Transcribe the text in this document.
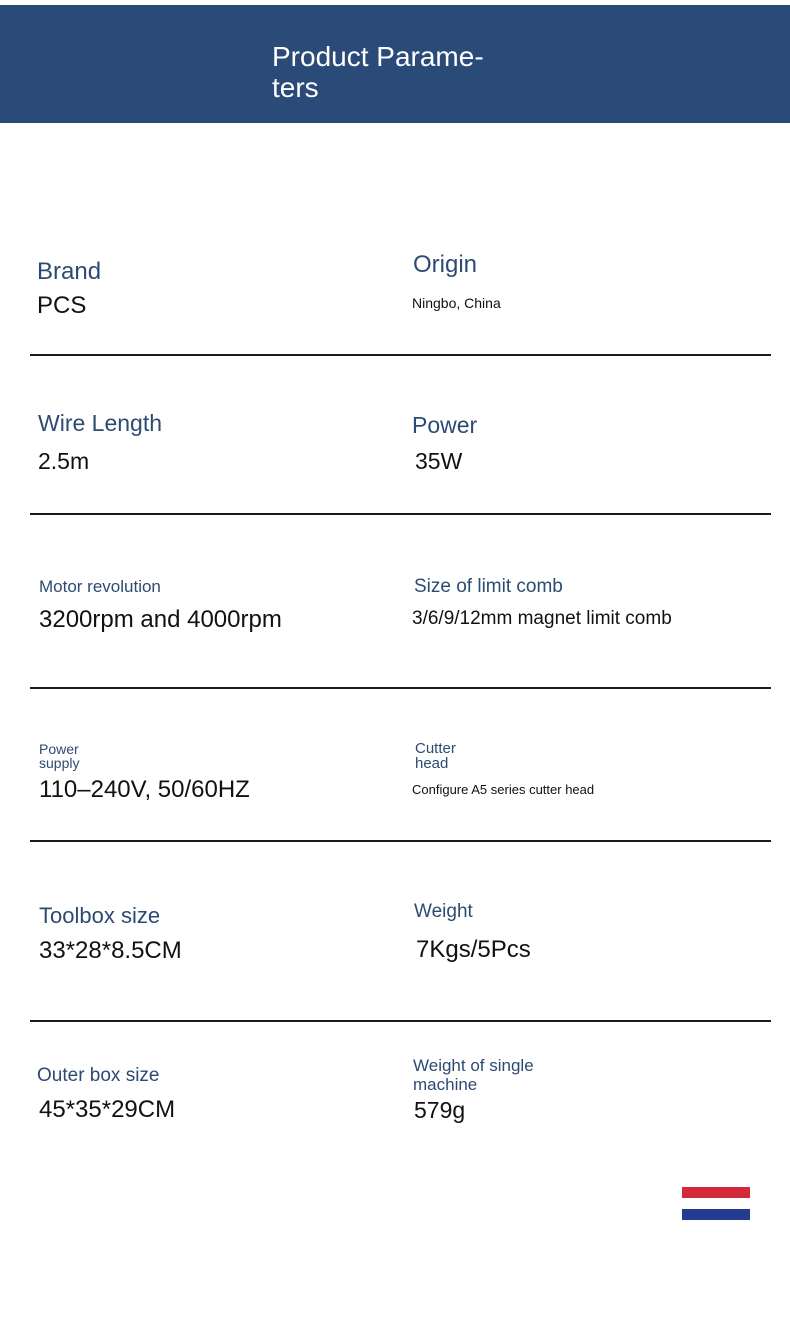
Product Parame-
ters
Brand
PCS
Origin
Ningbo, China
Wire Length
2.5m
Power
35W
Motor revolution
3200rpm and 4000rpm
Size of limit comb
3/6/9/12mm magnet limit comb
Power
supply
110–240V, 50/60HZ
Cutter
head
Configure A5 series cutter head
Toolbox size
33*28*8.5CM
Weight
7Kgs/5Pcs
Outer box size
45*35*29CM
Weight of single
machine
579g
